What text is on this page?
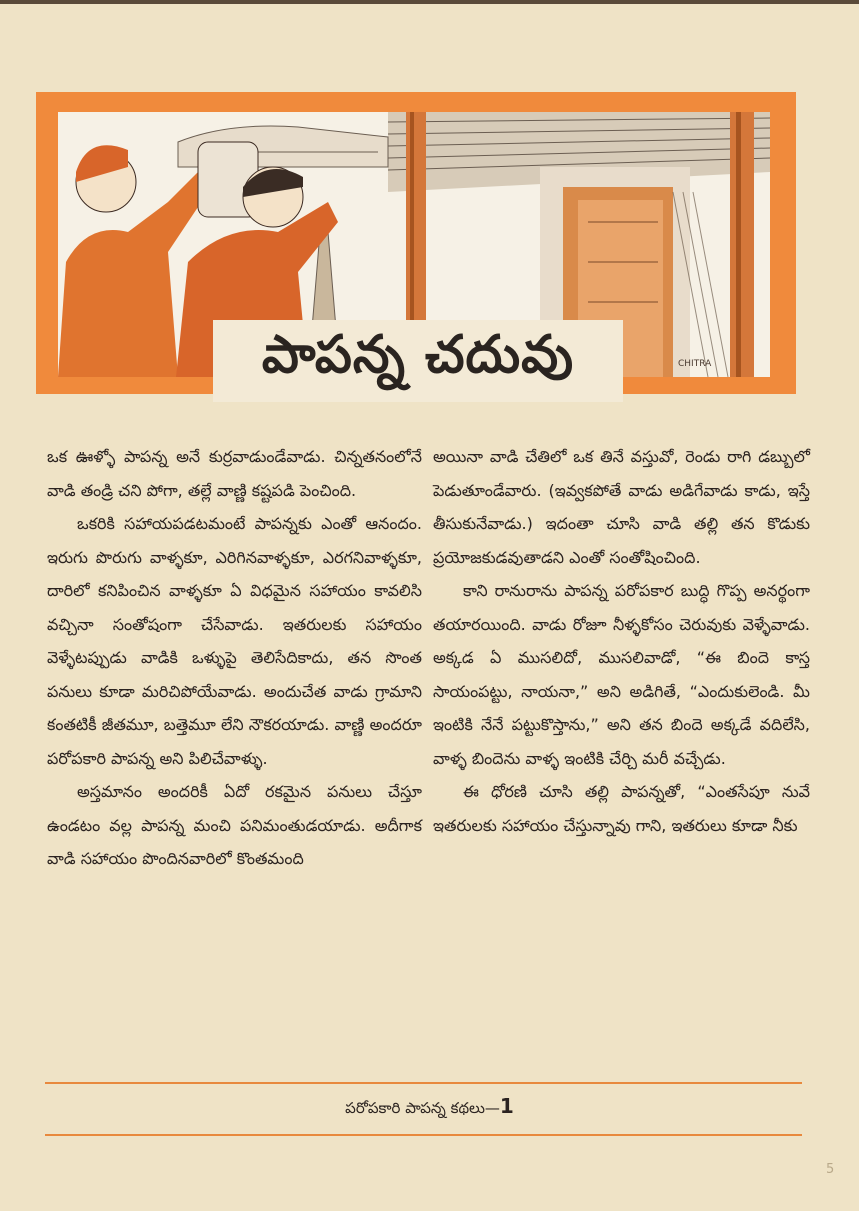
పాపన్న చదువు	CHITRA

ఒక ఊళ్ళో పాపన్న అనే కుర్రవాడుండేవాడు. చిన్నతనంలోనే వాడి తండ్రి చని పోగా, తల్లే వాణ్ణి కష్టపడి పెంచింది.

ఒకరికి సహాయపడటమంటే పాపన్నకు ఎంతో ఆనందం. ఇరుగు పొరుగు వాళ్ళకూ, ఎరిగినవాళ్ళకూ, ఎరగనివాళ్ళకూ, దారిలో కనిపించిన వాళ్ళకూ ఏ విధమైన సహాయం కావలిసి వచ్చినా సంతోషంగా చేసేవాడు. ఇతరులకు సహాయం వెళ్ళేటప్పుడు వాడికి ఒళ్ళుపై తెలిసేదికాదు, తన సొంత పనులు కూడా మరిచిపోయేవాడు. అందుచేత వాడు గ్రామాని కంతటికీ జీతమూ, బత్తెమూ లేని నౌకరయాడు. వాణ్ణి అందరూ పరోపకారి పాపన్న అని పిలిచేవాళ్ళు.

అస్తమానం అందరికీ ఏదో రకమైన పనులు చేస్తూ ఉండటం వల్ల పాపన్న మంచి పనిమంతుడయాడు. అదీగాక వాడి సహాయం పొందినవారిలో కొంతమంది

అయినా వాడి చేతిలో ఒక తినే వస్తువో, రెండు రాగి డబ్బులో పెడుతూండేవారు. (ఇవ్వకపోతే వాడు అడిగేవాడు కాడు, ఇస్తే తీసుకునేవాడు.) ఇదంతా చూసి వాడి తల్లి తన కొడుకు ప్రయోజకుడవుతాడని ఎంతో సంతోషించింది.

కాని రానురాను పాపన్న పరోపకార బుద్ధి గొప్ప అనర్థంగా తయారయింది. వాడు రోజూ నీళ్ళకోసం చెరువుకు వెళ్ళేవాడు. అక్కడ ఏ ముసలిదో, ముసలివాడో, “ఈ బిందె కాస్త సాయంపట్టు, నాయనా,” అని అడిగితే, “ఎందుకులెండి. మీ ఇంటికి నేనే పట్టుకొస్తాను,” అని తన బిందె అక్కడే వదిలేసి, వాళ్ళ బిందెను వాళ్ళ ఇంటికి చేర్చి మరీ వచ్చేడు.

ఈ ధోరణి చూసి తల్లి పాపన్నతో, “ఎంతసేపూ నువే ఇతరులకు సహాయం చేస్తున్నావు గాని, ఇతరులు కూడా నీకు

పరోపకారి పాపన్న కథలు—1
5
